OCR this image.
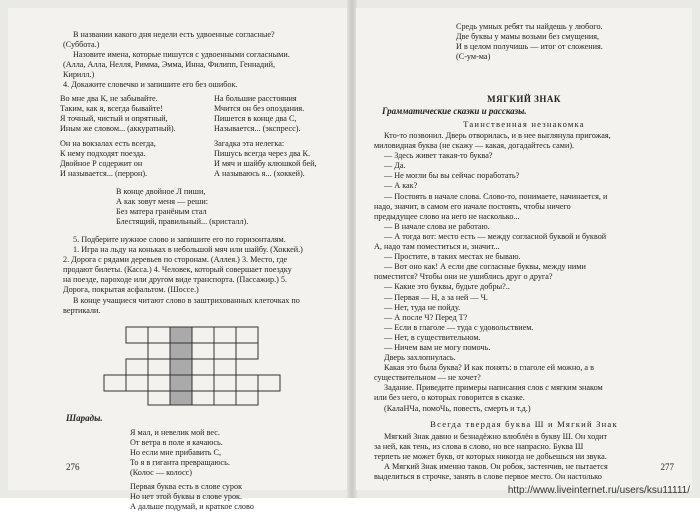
В названии какого дня недели есть удвоенные согласные?
(Суббота.)
Назовите имена, которые пишутся с удвоенными согласными.
(Алла, Алла, Нелля, Римма, Эмма, Инна, Филипп, Геннадий,
Кирилл.)
4. Докажите словечко и запишите его без ошибок.
Во мне два К, не забывайте.
Таким, как я, всегда бывайте!
Я точный, чистый и опрятный,
Иным же словом... (аккуратный).
На большие расстояния
Мчится он без опоздания.
Пишется в конце два С,
Называется... (экспресс).
Он на вокзалах есть всегда,
К нему подходят поезда.
Двойное Р содержит он
И называется... (перрон).
Загадка эта нелегка:
Пишусь всегда через два К.
И мяч и шайбу клюшкой бей,
А называюсь я... (хоккей).
В конце двойное Л пиши,
А как зовут меня — реши:
Без матера гранёным стал
Блестящий, правильный... (кристалл).
5. Подберите нужное слово и запишите его по горизонталям.
1. Игра на льду на коньках в небольшой мяч или шайбу. (Хоккей.)
2. Дорога с рядами деревьев по сторонам. (Аллея.) 3. Место, где
продают билеты. (Касса.) 4. Человек, который совершает поездку
на поезде, пароходе или другом виде транспорта. (Пассажир.) 5.
Дорога, покрытая асфальтом. (Шоссе.)
В конце учащиеся читают слово в заштрихованных клеточках по
вертикали.
Шарады.
Я мал, и невелик мой вес.
От ветра в поле я качаюсь.
Но если мне прибавить С,
То я в гиганта превращаюсь.
(Колос — колосс)
Первая буква есть в слове сурок
Но нет этой буквы в слове урок.
А дальше подумай, и краткое слово
276
Средь умных ребят ты найдешь у любого.
Две буквы у мамы возьми без смущения,
И в целом получишь — итог от сложения.
(С-ум-ма)
МЯГКИЙ ЗНАК
Грамматические сказки и рассказы.
Таинственная незнакомка
Кто-то позвонил. Дверь отворилась, и в нее выглянула пригожая,
миловидная буква (не скажу — какая, догадайтесь сами).
— Здесь живет такая-то буква?
— Да.
— Не могли бы вы сейчас поработать?
— А как?
— Постоять в начале слова. Слово-то, понимаете, начинается, и
надо, значит, в самом его начале постоять, чтобы ничего
предыдущее слово на него не насколько...
— В начале слова не работаю.
— А тогда вот: место есть — между согласной буквой и буквой
А, надо там поместиться и, значит...
— Простите, в таких местах не бываю.
— Вот оно как! А если две согласные буквы, между ними
поместится? Чтобы они не ушиблись друг о друга?
— Какие это буквы, будьте добры?..
— Первая — Н, а за ней — Ч.
— Нет, туда не пойду.
— А после Ч? Перед Т?
— Если в глаголе — туда с удовольствием.
— Нет, в существительном.
— Ничем вам не могу помочь.
Дверь захлопнулась.
Какая это была буква? И как понять: в глаголе ей можно, а в
существительном — не хочет?
Задание. Приведите примеры написания слов с мягким знаком
или без него, о которых говорится в сказке.
(КалаНЧа, помоЧь, повесть, смерть и т.д.)
Всегда твердая буква Ш и Мягкий Знак
Мягкий Знак давно и безнадёжно влюблён в букву Ш. Он ходит
за ней, как тень, из слова в слово, но все напрасно. Буква Ш
терпеть не может букв, от которых никогда не добьешься ни звука.
А Мягкий Знак именно таков. Он робок, застенчив, не пытается
выделиться в строчке, занять в слове первое место. Он настолько
277
http://www.liveinternet.ru/users/ksu11111/
